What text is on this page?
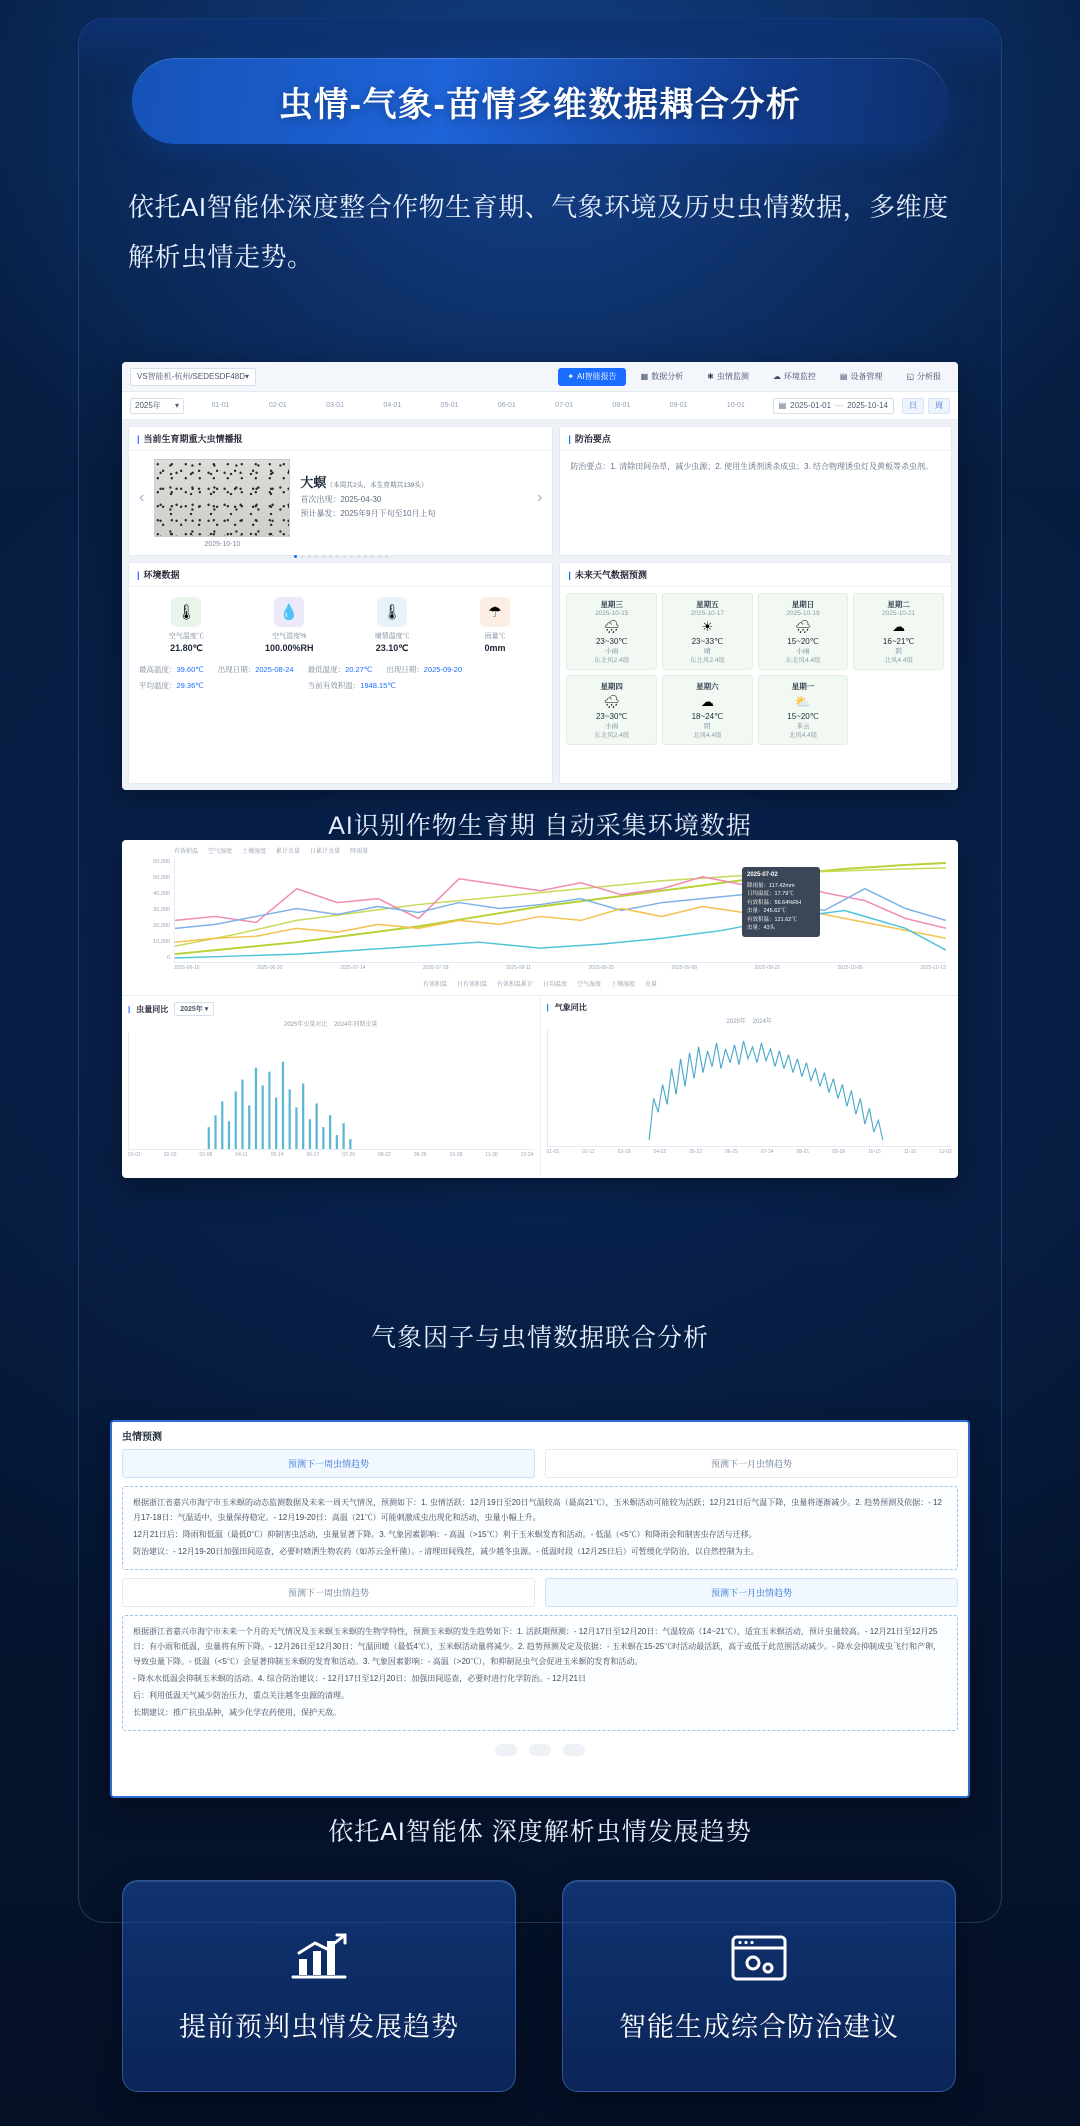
虫情-气象-苗情多维数据耦合分析
依托AI智能体深度整合作物生育期、气象环境及历史虫情数据，多维度解析虫情走势。
VS智能机-杭州/SEDESDF48D ▾	✦ AI智能报告	▦ 数据分析	✱ 虫情监测	☁ 环境监控	▤ 设备管理	◱ 分析报
2025年 ▾	01-01	02-01	03-01	04-01	05-01	06-01	07-01	08-01	09-01	10-01	▤ 2025-01-01 — 2025-10-14	日	周
| 当前生育期重大虫情播报
‹
2025-10-10
大螟（本周共2头，本生育期共139头）
首次出现：2025-04-30
预计暴发：2025年9月下旬至10月上旬
›
| 环境数据
🌡
空气温度℃
21.80℃
💧
空气湿度%
100.00%RH
🌡
墒情温度℃
23.10℃
☂
雨量℃
0mm
最高温度： 39.60℃ 出现日期： 2025-08-24 最低温度： 20.27℃ 出现日期： 2025-09-20
平均温度： 29.36℃	当前有效积温： 1948.15℃
| 防治要点
防治要点：1. 清除田间杂草，减少虫源；2. 使用生诱剂诱杀成虫；3. 结合物理诱虫灯及黄板等杀虫剂。
| 未来天气数据预测
星期三
2025-10-15
🌧
23~30℃
小雨
东北风2.4级
星期五
2025-10-17
☀
23~33℃
晴
东北风2.4级
星期日
2025-10-19
🌧
15~20℃
小雨
东北风4.4级
星期二
2025-10-21
☁
16~21℃
阴
北风4.4级
星期四
🌧
23~30℃
小雨
东北风2.4级
星期六
☁
18~24℃
阴
北风4.4级
星期一
⛅
15~20℃
多云
北风4.4级
AI识别作物生育期 自动采集环境数据
有效积温 空气湿度 土壤湿度 累计虫量 日累计虫量 降雨量
60,000
50,000
40,000
30,000
20,000
10,000
0
2025-06-16	2025-06-30	2025-07-14	2025-07-28	2025-08-11	2025-08-25	2025-09-08	2025-09-22	2025-10-06	2025-10-13
2025-07-02
降雨量：117.42mm
日均温度：17.79℃
有效积温：56.64%RH
虫量：245.62℃
有效积温：121.62℃
虫量：43头
有效积温 日有效积温 有效积温累计 日均温度 空气湿度 土壤湿度 虫量
| 虫量同比	2025年 ▾
2025年虫量对比 2024年同期虫量
01-01	02-03	03-08	04-11	05-14	06-17	07-20	08-22	09-25	10-28	11-30	12-24
| 气象同比
2025年 2024年
01-01	02-11	03-19	04-22	05-22	06-25	07-24	08-21	09-18	10-15	11-10	12-02
气象因子与虫情数据联合分析
虫情预测
预测下一周虫情趋势	预测下一月虫情趋势

根据浙江省嘉兴市海宁市玉米螟的动态监测数据及未来一周天气情况，预测如下：1. 虫情活跃：12月19日至20日气温较高（最高21℃），玉米螟活动可能较为活跃；12月21日后气温下降，虫量将逐渐减少。2. 趋势预测及依据：- 12月17-18日：气温适中，虫量保持稳定。- 12月19-20日：高温（21℃）可能刺激成虫出现化和活动，虫量小幅上升。

12月21日后：降雨和低温（最低0℃）抑制害虫活动，虫量显著下降。3. 气象因素影响：- 高温（>15℃）利于玉米螟发育和活动。- 低温（<5℃）和降雨会和制害虫存活与迁移。

防治建议：- 12月19-20日加强田间巡查，必要时喷洒生物农药（如苏云金杆菌）。- 清理田间残茬，减少越冬虫源。- 低温时段（12月25日后）可暂缓化学防治，以自然控制为主。

预测下一周虫情趋势	预测下一月虫情趋势

根据浙江省嘉兴市海宁市未来一个月的天气情况及玉米螟玉米螟的生物学特性，预测玉米螟的发生趋势如下：1. 活跃期预测：- 12月17日至12月20日：气温较高（14~21℃），适宜玉米螟活动，预计虫量较高。- 12月21日至12月25日：有小雨和低温，虫量将有所下降。- 12月26日至12月30日：气温回暖（最低4℃），玉米螟活动量将减少。2. 趋势预测及定及依据：- 玉米螟在15-25℃时活动最活跃，高于或低于此范围活动减少。- 降水会抑制成虫飞行和产卵，导致虫量下降。- 低温（<5℃）会显著抑制玉米螟的发育和活动。3. 气象因素影响：- 高温（>20℃），和抑制昆虫气会促进玉米螟的发育和活动。

- 降水水低温会抑制玉米螟的活动。4. 综合防治建议：- 12月17日至12月20日：加强田间巡查，必要时进行化学防治。- 12月21日

后：利用低温天气减少防治压力，重点关注越冬虫源的清理。

长期建议：推广抗虫品种，减少化学农药使用，保护天敌。

依托AI智能体 深度解析虫情发展趋势
提前预判虫情发展趋势	智能生成综合防治建议
